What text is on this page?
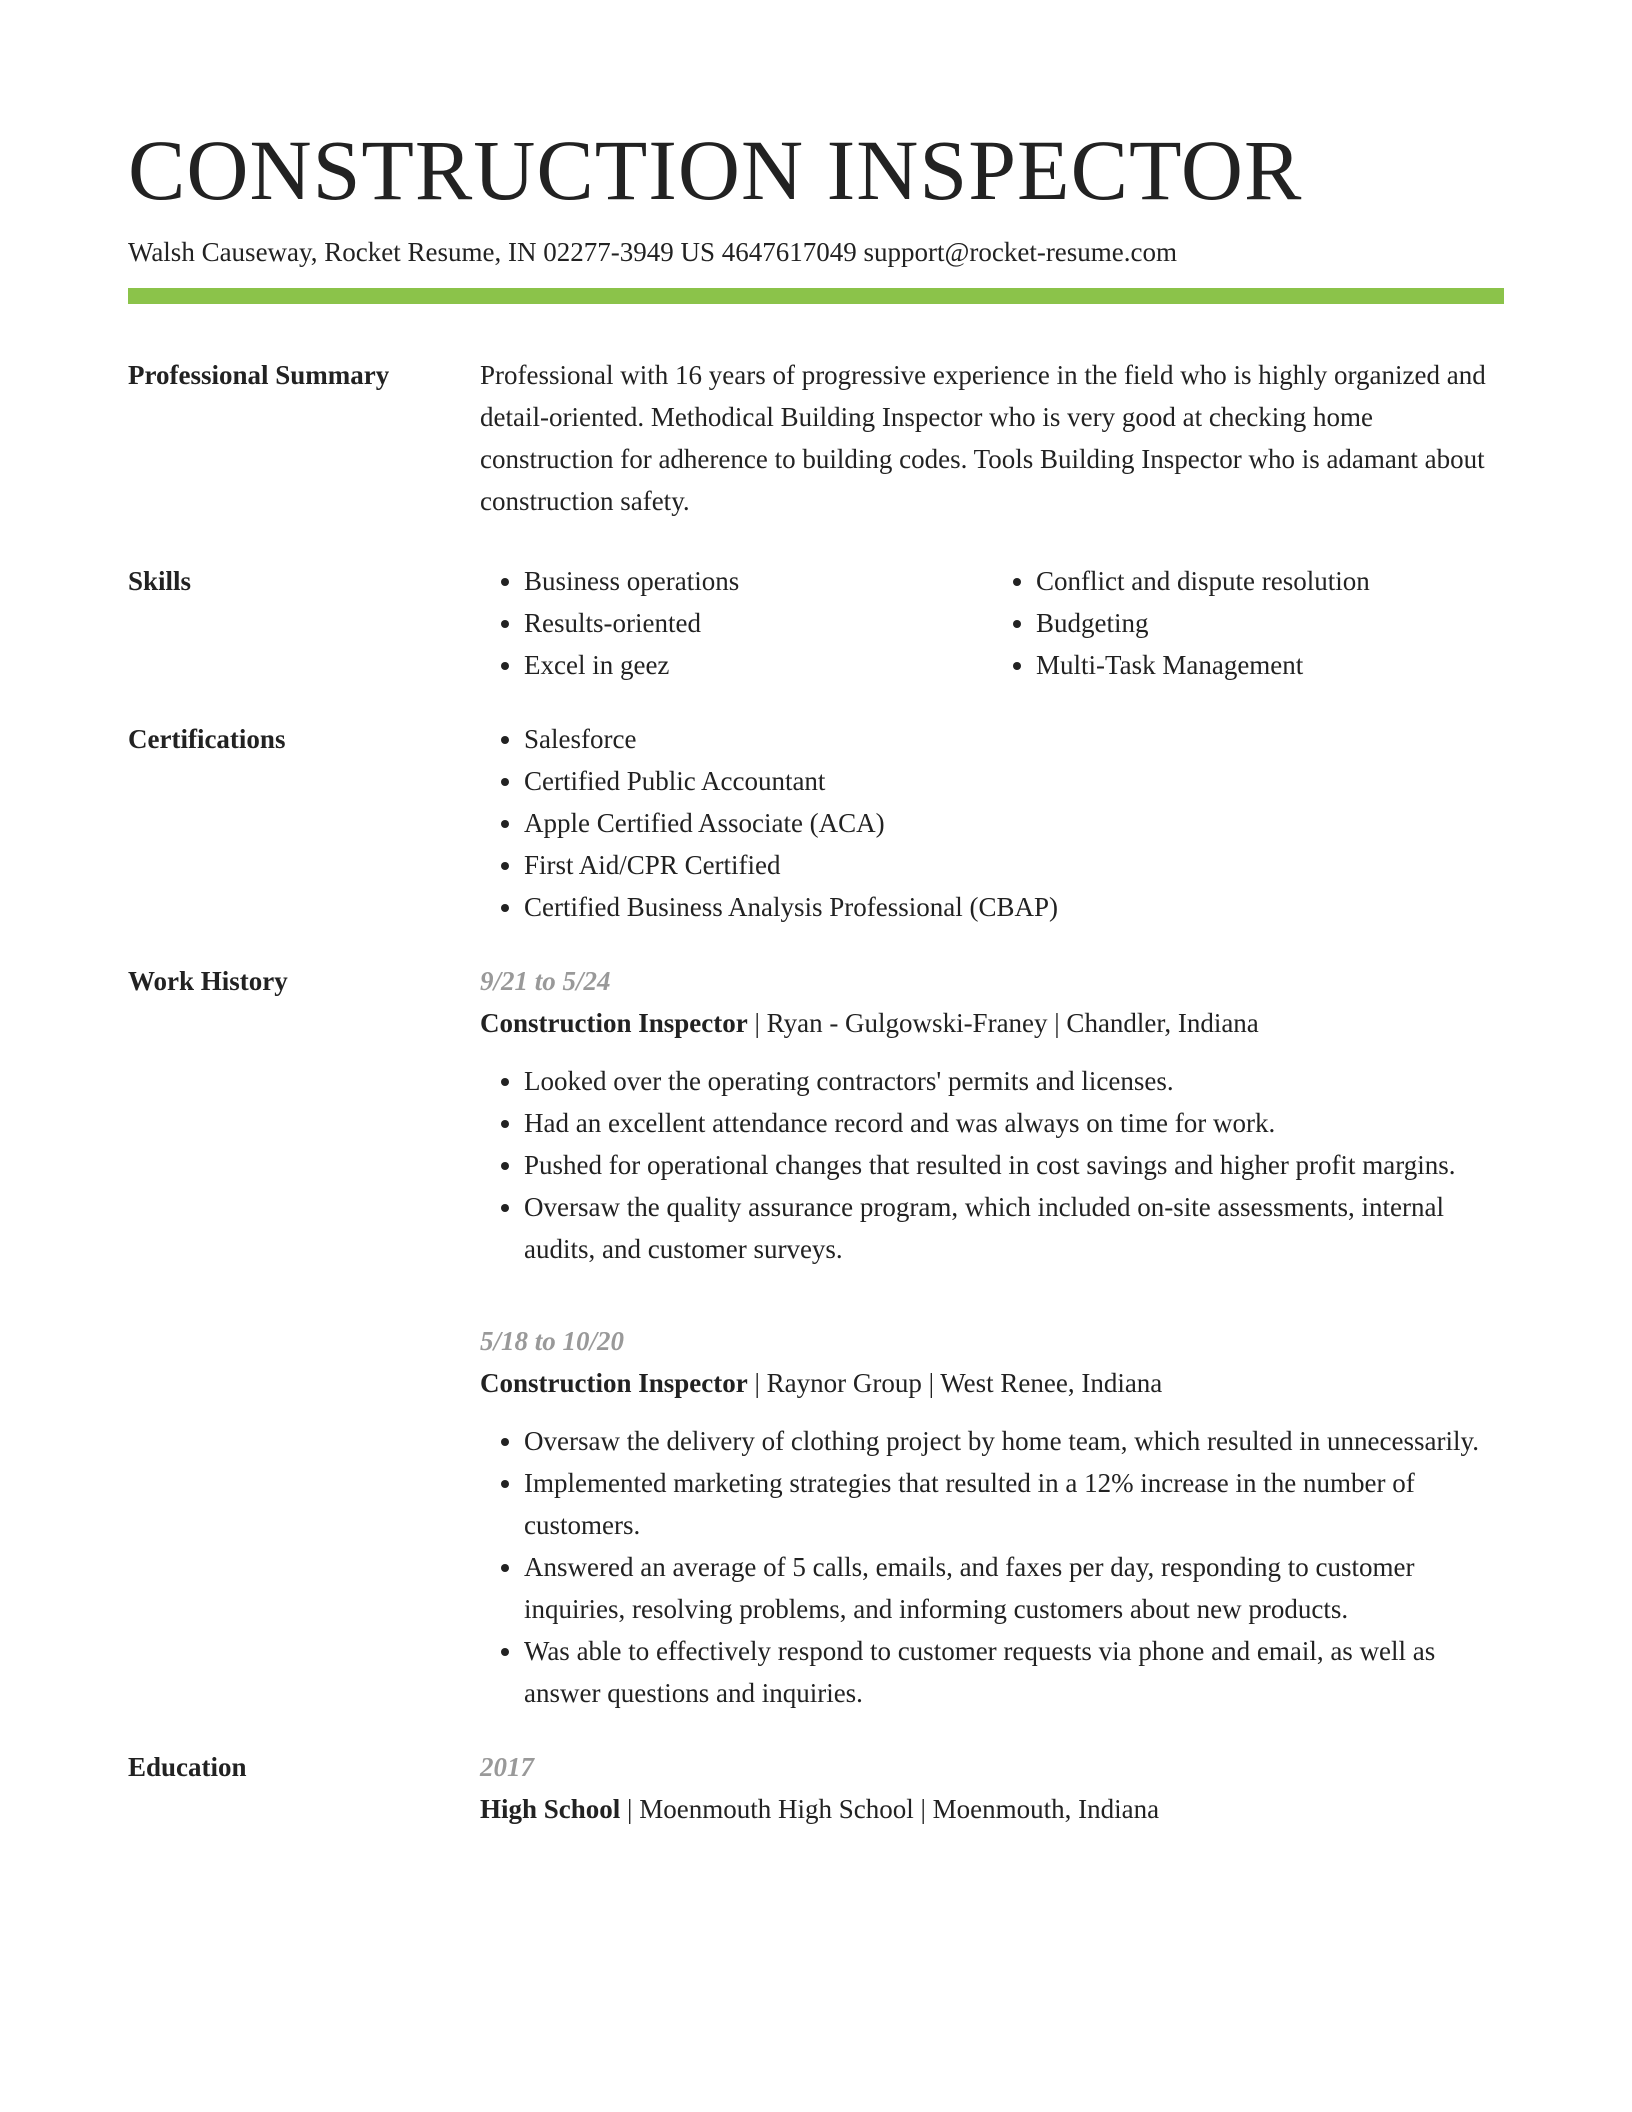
CONSTRUCTION INSPECTOR
Walsh Causeway, Rocket Resume, IN 02277-3949 US 4647617049 support@rocket-resume.com
Professional Summary	Professional with 16 years of progressive experience in the field who is highly organized and detail-oriented. Methodical Building Inspector who is very good at checking home construction for adherence to building codes. Tools Building Inspector who is adamant about construction safety.

Skills	• Business operations
• Results-oriented
• Excel in geez
• Conflict and dispute resolution
• Budgeting
• Multi-Task Management
Certifications	• Salesforce
• Certified Public Accountant
• Apple Certified Associate (ACA)
• First Aid/CPR Certified
• Certified Business Analysis Professional (CBAP)
Work History	9/21 to 5/24
Construction Inspector | Ryan - Gulgowski-Franey | Chandler, Indiana
• Looked over the operating contractors' permits and licenses.
• Had an excellent attendance record and was always on time for work.
• Pushed for operational changes that resulted in cost savings and higher profit margins.
• Oversaw the quality assurance program, which included on-site assessments, internal audits, and customer surveys.
5/18 to 10/20
Construction Inspector | Raynor Group | West Renee, Indiana
• Oversaw the delivery of clothing project by home team, which resulted in unnecessarily.
• Implemented marketing strategies that resulted in a 12% increase in the number of customers.
• Answered an average of 5 calls, emails, and faxes per day, responding to customer inquiries, resolving problems, and informing customers about new products.
• Was able to effectively respond to customer requests via phone and email, as well as answer questions and inquiries.
Education	2017
High School | Moenmouth High School | Moenmouth, Indiana
